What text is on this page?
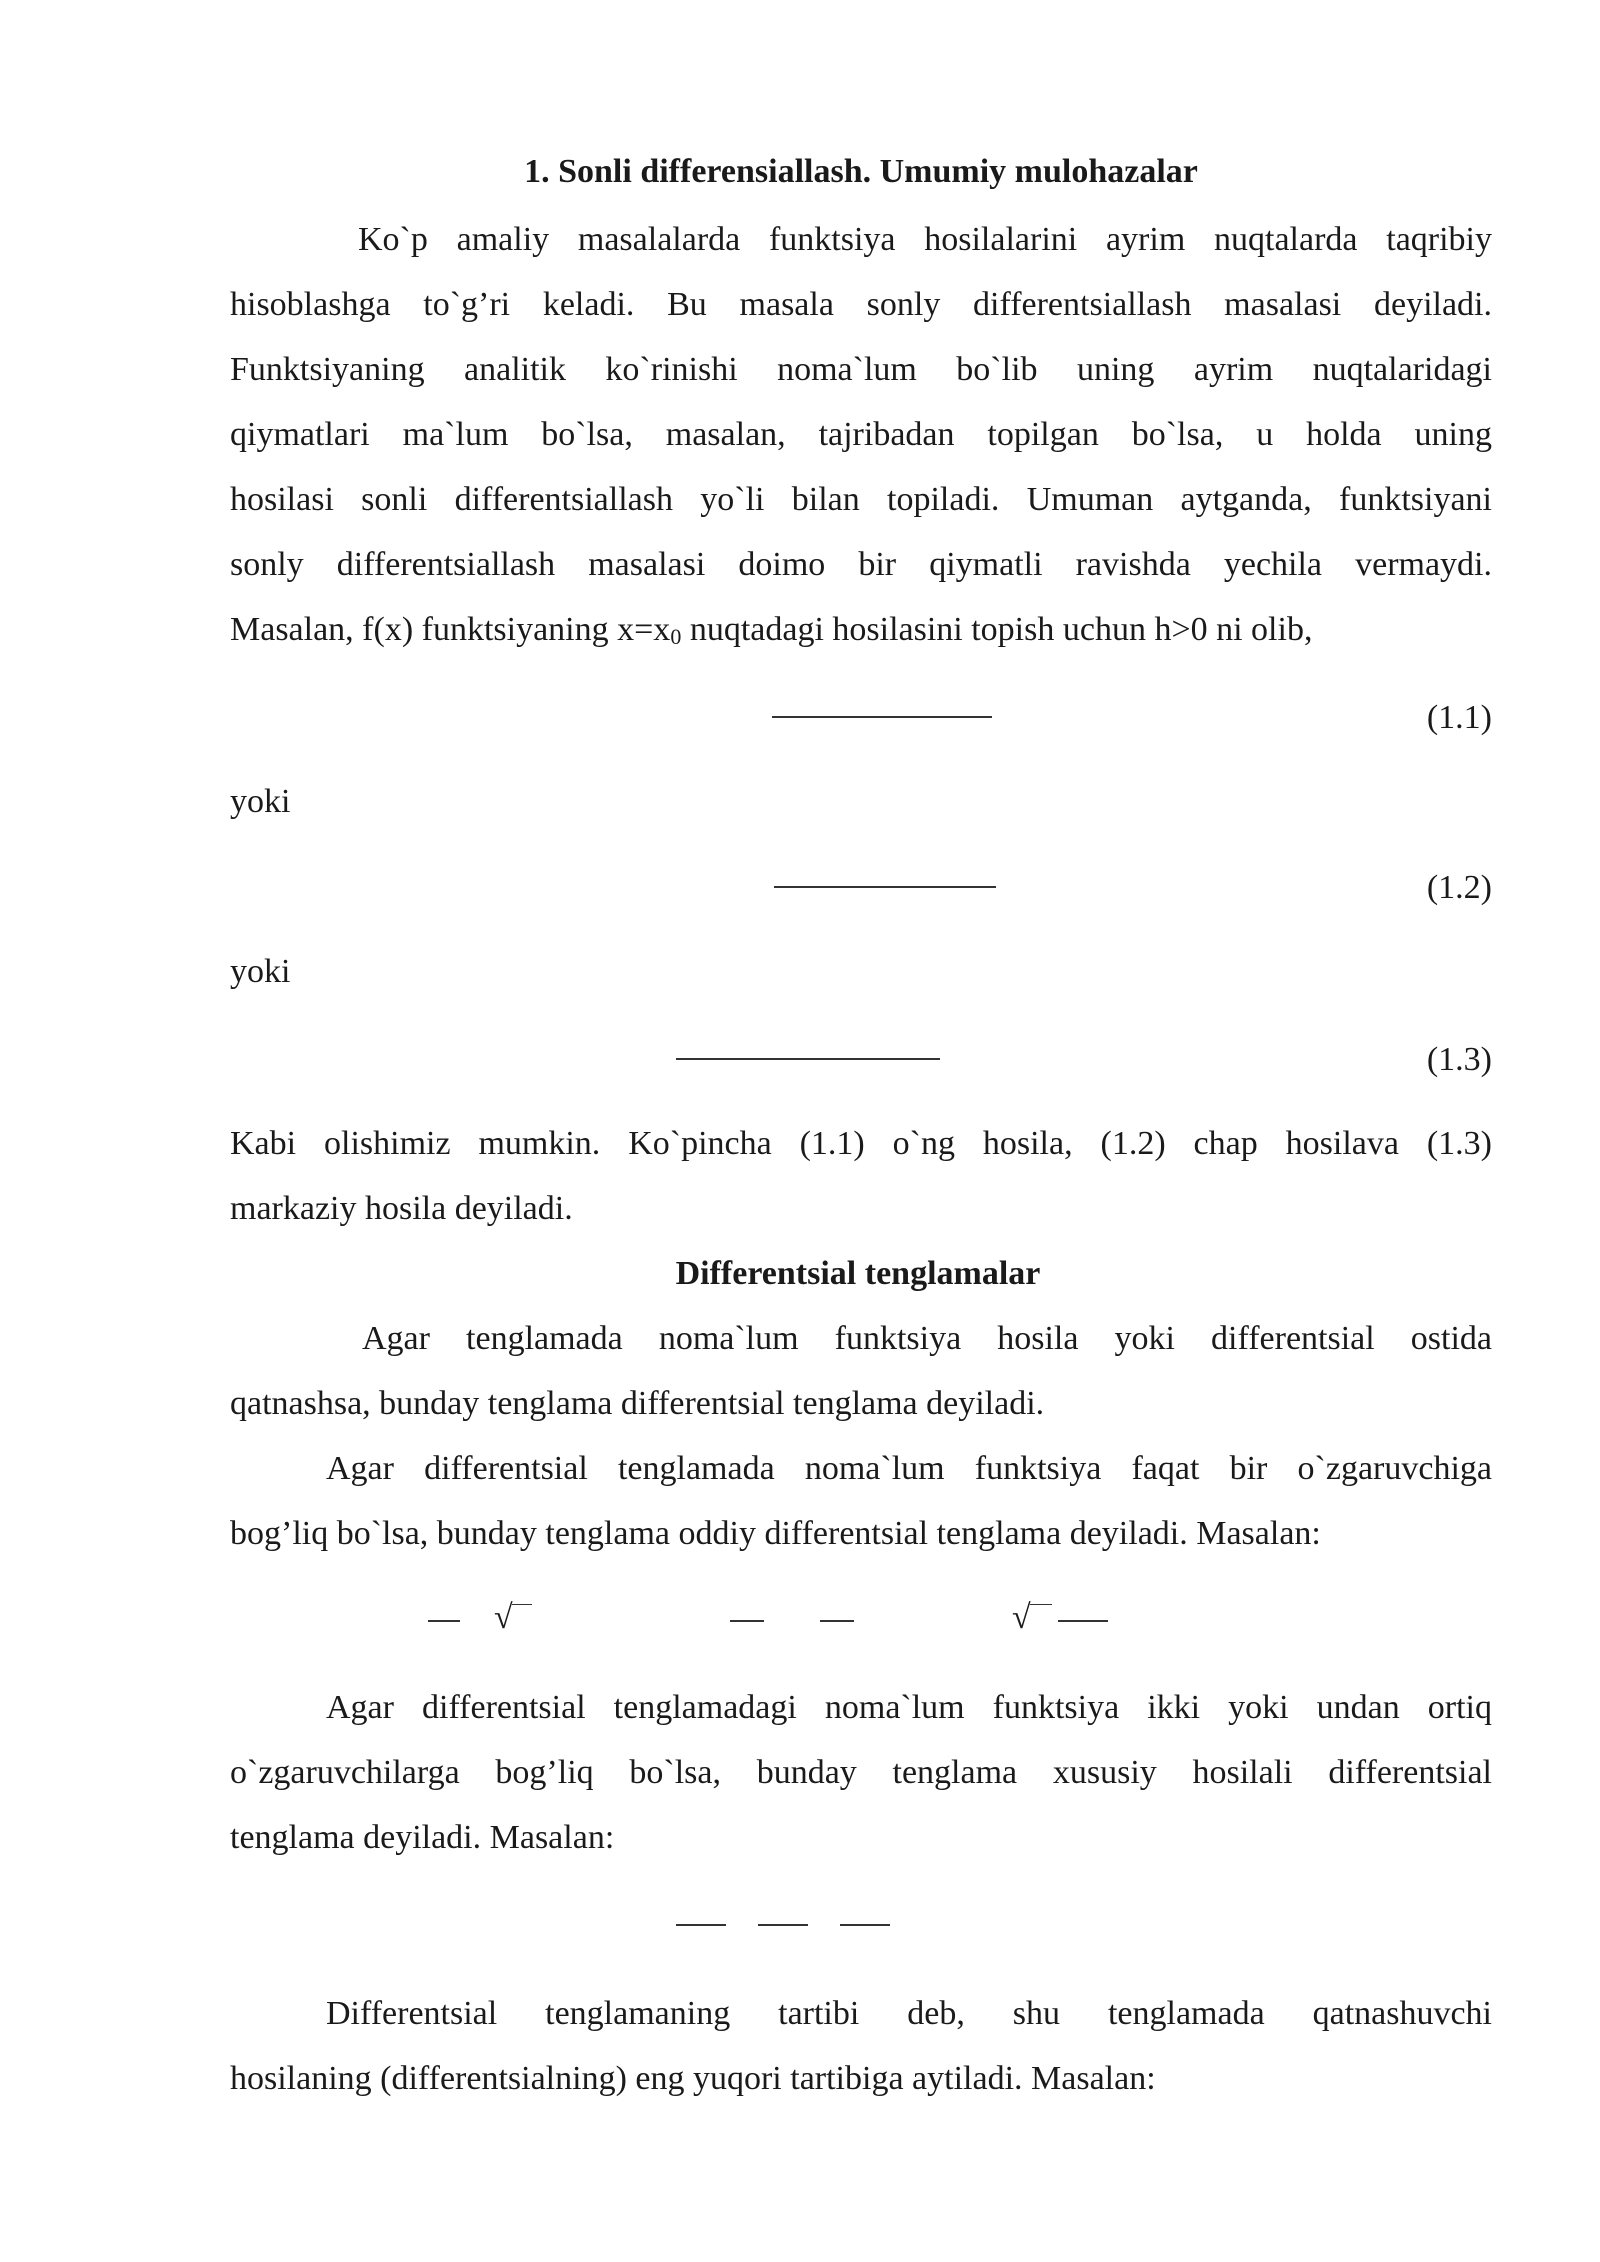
1. Sonli differensiallash. Umumiy mulohazalar
Ko`p amaliy masalalarda funktsiya hosilalarini ayrim nuqtalarda taqribiy
hisoblashga to`g’ri keladi. Bu masala sonly differentsiallash masalasi deyiladi.
Funktsiyaning analitik ko`rinishi noma`lum bo`lib uning ayrim nuqtalaridagi
qiymatlari ma`lum bo`lsa, masalan, tajribadan topilgan bo`lsa, u holda uning
hosilasi sonli differentsiallash yo`li bilan topiladi. Umuman aytganda, funktsiyani
sonly differentsiallash masalasi doimo bir qiymatli ravishda yechila vermaydi.
Masalan, f(x) funktsiyaning $x=x_0$ nuqtadagi hosilasini topish uchun h>0 ni olib,
(1.1)
yoki
(1.2)
yoki
(1.3)
Kabi olishimiz mumkin. Ko`pincha (1.1) o`ng hosila, (1.2) chap hosilava (1.3)
markaziy hosila deyiladi.
Differentsial tenglamalar
Agar tenglamada noma`lum funktsiya hosila yoki differentsial ostida
qatnashsa, bunday tenglama differentsial tenglama deyiladi.
Agar differentsial tenglamada noma`lum funktsiya faqat bir o`zgaruvchiga
bog’liq bo`lsa, bunday tenglama oddiy differentsial tenglama deyiladi. Masalan:
√	√
Agar differentsial tenglamadagi noma`lum funktsiya ikki yoki undan ortiq
o`zgaruvchilarga bog’liq bo`lsa, bunday tenglama xususiy hosilali differentsial
tenglama deyiladi. Masalan:
Differentsial tenglamaning tartibi deb, shu tenglamada qatnashuvchi
hosilaning (differentsialning) eng yuqori tartibiga aytiladi. Masalan:
